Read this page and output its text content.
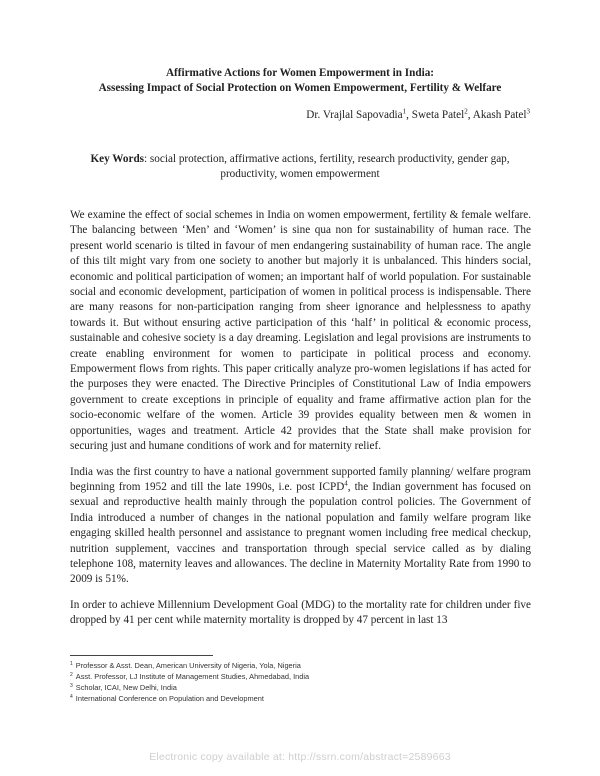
Affirmative Actions for Women Empowerment in India:
Assessing Impact of Social Protection on Women Empowerment, Fertility & Welfare
Dr. Vrajlal Sapovadia$^1$, Sweta Patel$^2$, Akash Patel$^3$
Key Words: social protection, affirmative actions, fertility, research productivity, gender gap, productivity, women empowerment

We examine the effect of social schemes in India on women empowerment, fertility & female welfare. The balancing between ‘Men’ and ‘Women’ is sine qua non for sustainability of human race. The present world scenario is tilted in favour of men endangering sustainability of human race. The angle of this tilt might vary from one society to another but majorly it is unbalanced. This hinders social, economic and political participation of women; an important half of world population. For sustainable social and economic development, participation of women in political process is indispensable. There are many reasons for non-participation ranging from sheer ignorance and helplessness to apathy towards it. But without ensuring active participation of this ‘half’ in political & economic process, sustainable and cohesive society is a day dreaming. Legislation and legal provisions are instruments to create enabling environment for women to participate in political process and economy. Empowerment flows from rights. This paper critically analyze pro-women legislations if has acted for the purposes they were enacted. The Directive Principles of Constitutional Law of India empowers government to create exceptions in principle of equality and frame affirmative action plan for the socio-economic welfare of the women. Article 39 provides equality between men & women in opportunities, wages and treatment. Article 42 provides that the State shall make provision for securing just and humane conditions of work and for maternity relief.

India was the first country to have a national government supported family planning/ welfare program beginning from 1952 and till the late 1990s, i.e. post ICPD$^4$, the Indian government has focused on sexual and reproductive health mainly through the population control policies. The Government of India introduced a number of changes in the national population and family welfare program like engaging skilled health personnel and assistance to pregnant women including free medical checkup, nutrition supplement, vaccines and transportation through special service called as by dialing telephone 108, maternity leaves and allowances. The decline in Maternity Mortality Rate from 1990 to 2009 is 51%.

In order to achieve Millennium Development Goal (MDG) to the mortality rate for children under five dropped by 41 per cent while maternity mortality is dropped by 47 percent in last 13

$^1$ Professor & Asst. Dean, American University of Nigeria, Yola, Nigeria
$^2$ Asst. Professor, LJ Institute of Management Studies, Ahmedabad, India
$^3$ Scholar, ICAI, New Delhi, India
$^4$ International Conference on Population and Development
Electronic copy available at: http://ssrn.com/abstract=2589663
